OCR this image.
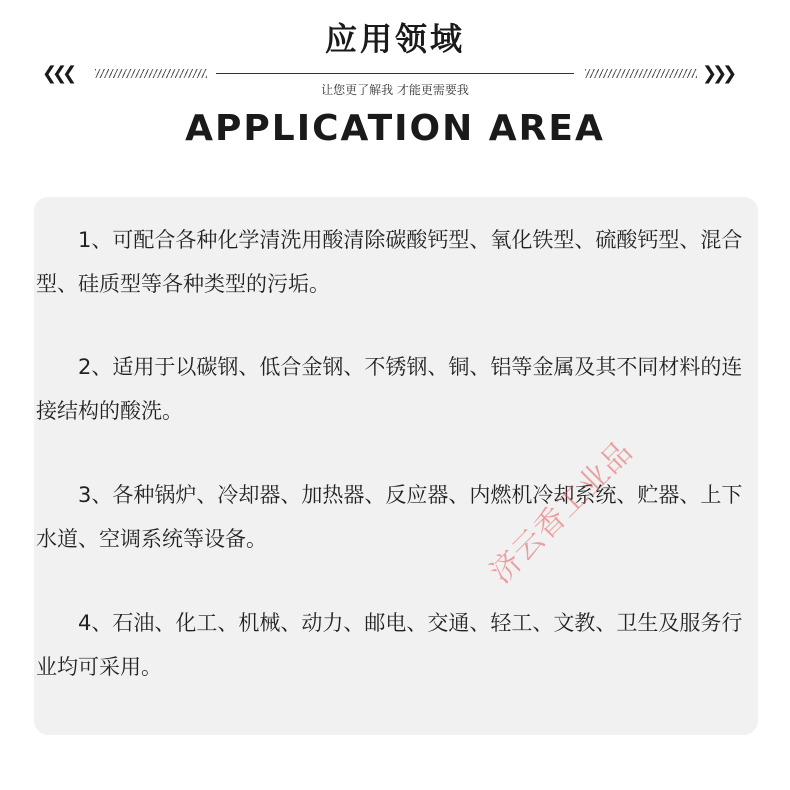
应用领域
❮❮❮	❯❯❯
让您更了解我 才能更需要我
APPLICATION AREA

1、可配合各种化学清洗用酸清除碳酸钙型、氧化铁型、硫酸钙型、混合型、硅质型等各种类型的污垢。

2、适用于以碳钢、低合金钢、不锈钢、铜、铝等金属及其不同材料的连接结构的酸洗。

3、各种锅炉、冷却器、加热器、反应器、内燃机冷却系统、贮器、上下水道、空调系统等设备。

4、石油、化工、机械、动力、邮电、交通、轻工、文教、卫生及服务行业均可采用。

济云香工业品
